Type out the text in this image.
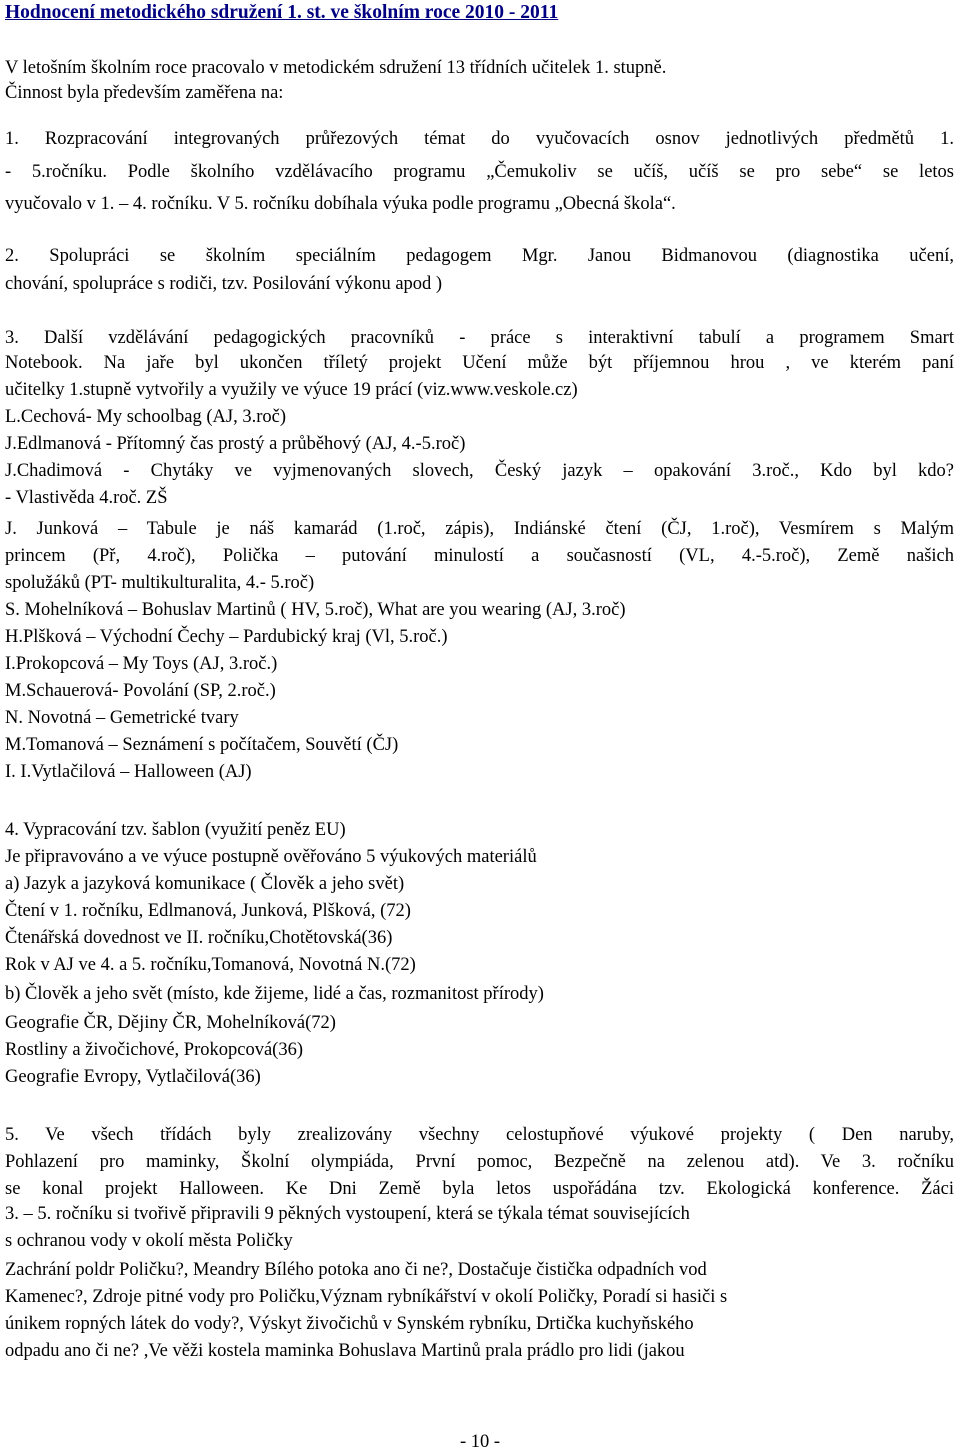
Hodnocení metodického sdružení 1. st. ve školním roce 2010 - 2011
V letošním školním roce pracovalo v metodickém sdružení 13 třídních učitelek 1. stupně.
Činnost byla především zaměřena na:
1. Rozpracování integrovaných průřezových témat do vyučovacích osnov jednotlivých předmětů 1.
- 5.ročníku. Podle školního vzdělávacího programu „Čemukoliv se učíš, učíš se pro sebe“ se letos
vyučovalo v 1. – 4. ročníku. V 5. ročníku dobíhala výuka podle programu „Obecná škola“.
2. Spolupráci se školním speciálním pedagogem Mgr. Janou Bidmanovou (diagnostika učení,
chování, spolupráce s rodiči, tzv. Posilování výkonu apod )
3. Další vzdělávání pedagogických pracovníků - práce s interaktivní tabulí a programem Smart
Notebook. Na jaře byl ukončen tříletý projekt Učení může být příjemnou hrou , ve kterém paní
učitelky 1.stupně vytvořily a využily ve výuce 19 prácí (viz.www.veskole.cz)
L.Cechová- My schoolbag (AJ, 3.roč)
J.Edlmanová - Přítomný čas prostý a průběhový (AJ, 4.-5.roč)
J.Chadimová - Chytáky ve vyjmenovaných slovech, Český jazyk – opakování 3.roč., Kdo byl kdo?
- Vlastivěda 4.roč. ZŠ
J. Junková – Tabule je náš kamarád (1.roč, zápis), Indiánské čtení (ČJ, 1.roč), Vesmírem s Malým
princem (Př, 4.roč), Polička – putování minulostí a současností (VL, 4.-5.roč), Země našich
spolužáků (PT- multikulturalita, 4.- 5.roč)
S. Mohelníková – Bohuslav Martinů ( HV, 5.roč), What are you wearing (AJ, 3.roč)
H.Plšková – Východní Čechy – Pardubický kraj (Vl, 5.roč.)
I.Prokopcová – My Toys (AJ, 3.roč.)
M.Schauerová- Povolání (SP, 2.roč.)
N. Novotná – Gemetrické tvary
M.Tomanová – Seznámení s počítačem, Souvětí (ČJ)
I. I.Vytlačilová – Halloween (AJ)
4. Vypracování tzv. šablon (využití peněz EU)
Je připravováno a ve výuce postupně ověřováno 5 výukových materiálů
a) Jazyk a jazyková komunikace ( Člověk a jeho svět)
Čtení v 1. ročníku, Edlmanová, Junková, Plšková, (72)
Čtenářská dovednost ve II. ročníku,Chotětovská(36)
Rok v AJ ve 4. a 5. ročníku,Tomanová, Novotná N.(72)
b) Člověk a jeho svět (místo, kde žijeme, lidé a čas, rozmanitost přírody)
Geografie ČR, Dějiny ČR, Mohelníková(72)
Rostliny a živočichové, Prokopcová(36)
Geografie Evropy, Vytlačilová(36)
5. Ve všech třídách byly zrealizovány všechny celostupňové výukové projekty ( Den naruby,
Pohlazení pro maminky, Školní olympiáda, První pomoc, Bezpečně na zelenou atd). Ve 3. ročníku
se konal projekt Halloween. Ke Dni Země byla letos uspořádána tzv. Ekologická konference. Žáci
3. – 5. ročníku si tvořivě připravili 9 pěkných vystoupení, která se týkala témat souvisejících
s ochranou vody v okolí města Poličky
Zachrání poldr Poličku?, Meandry Bílého potoka ano či ne?, Dostačuje čistička odpadních vod
Kamenec?, Zdroje pitné vody pro Poličku,Význam rybníkářství v okolí Poličky, Poradí si hasiči s
únikem ropných látek do vody?, Výskyt živočichů v Synském rybníku, Drtička kuchyňského
odpadu ano či ne? ,Ve věži kostela maminka Bohuslava Martinů prala prádlo pro lidi (jakou
- 10 -
